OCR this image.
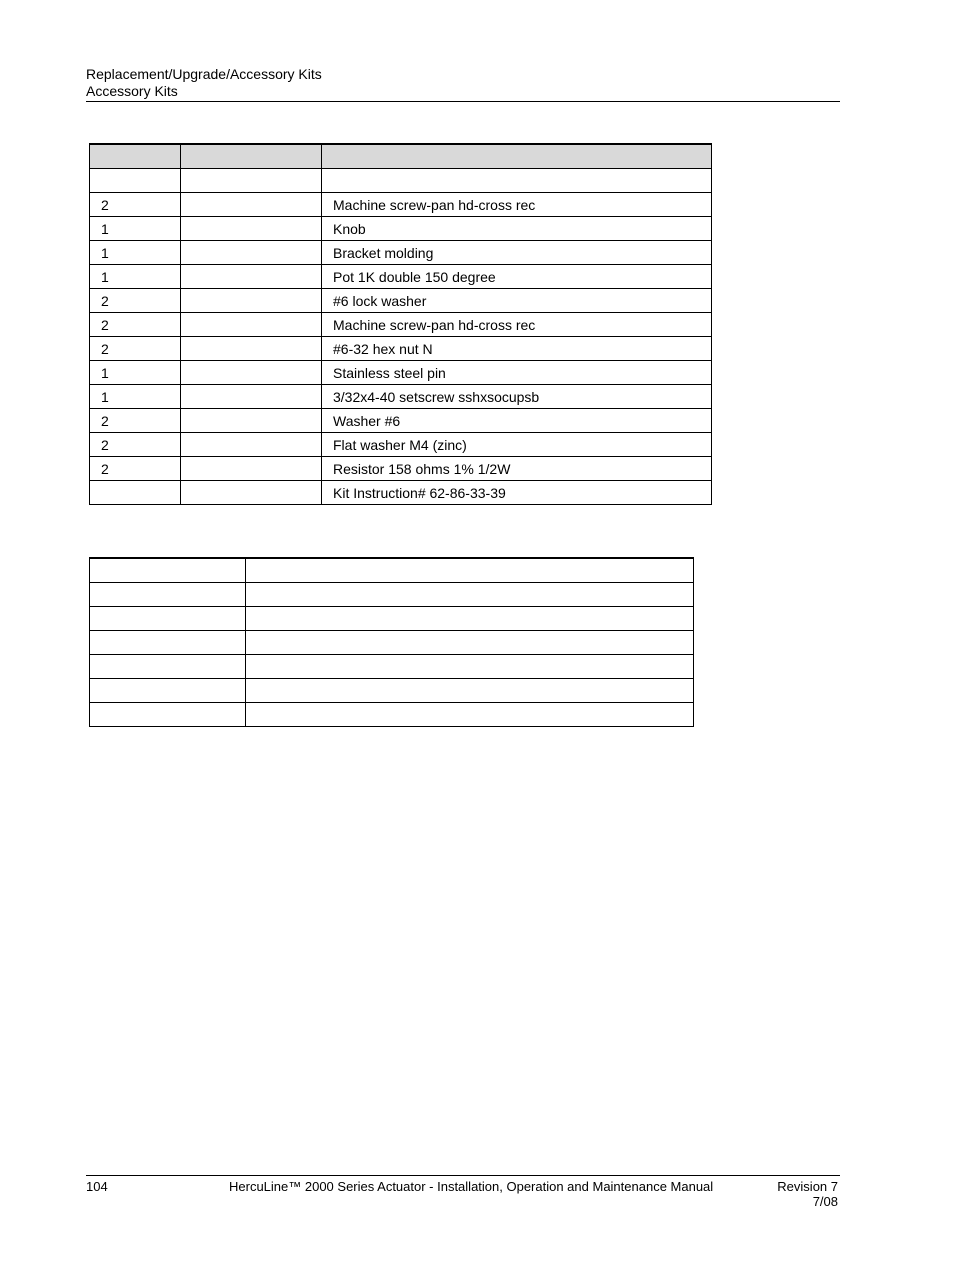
Replacement/Upgrade/Accessory Kits
Accessory Kits

2		Machine screw-pan hd-cross rec
1		Knob
1		Bracket molding
1		Pot 1K double 150 degree
2		#6 lock washer
2		Machine screw-pan hd-cross rec
2		#6-32 hex nut N
1		Stainless steel pin
1		3/32x4-40 setscrew sshxsocupsb
2		Washer #6
2		Flat washer M4 (zinc)
2		Resistor 158 ohms 1% 1/2W
		Kit Instruction# 62-86-33-39

104	HercuLine™ 2000 Series Actuator - Installation, Operation and Maintenance Manual	Revision 7
7/08
